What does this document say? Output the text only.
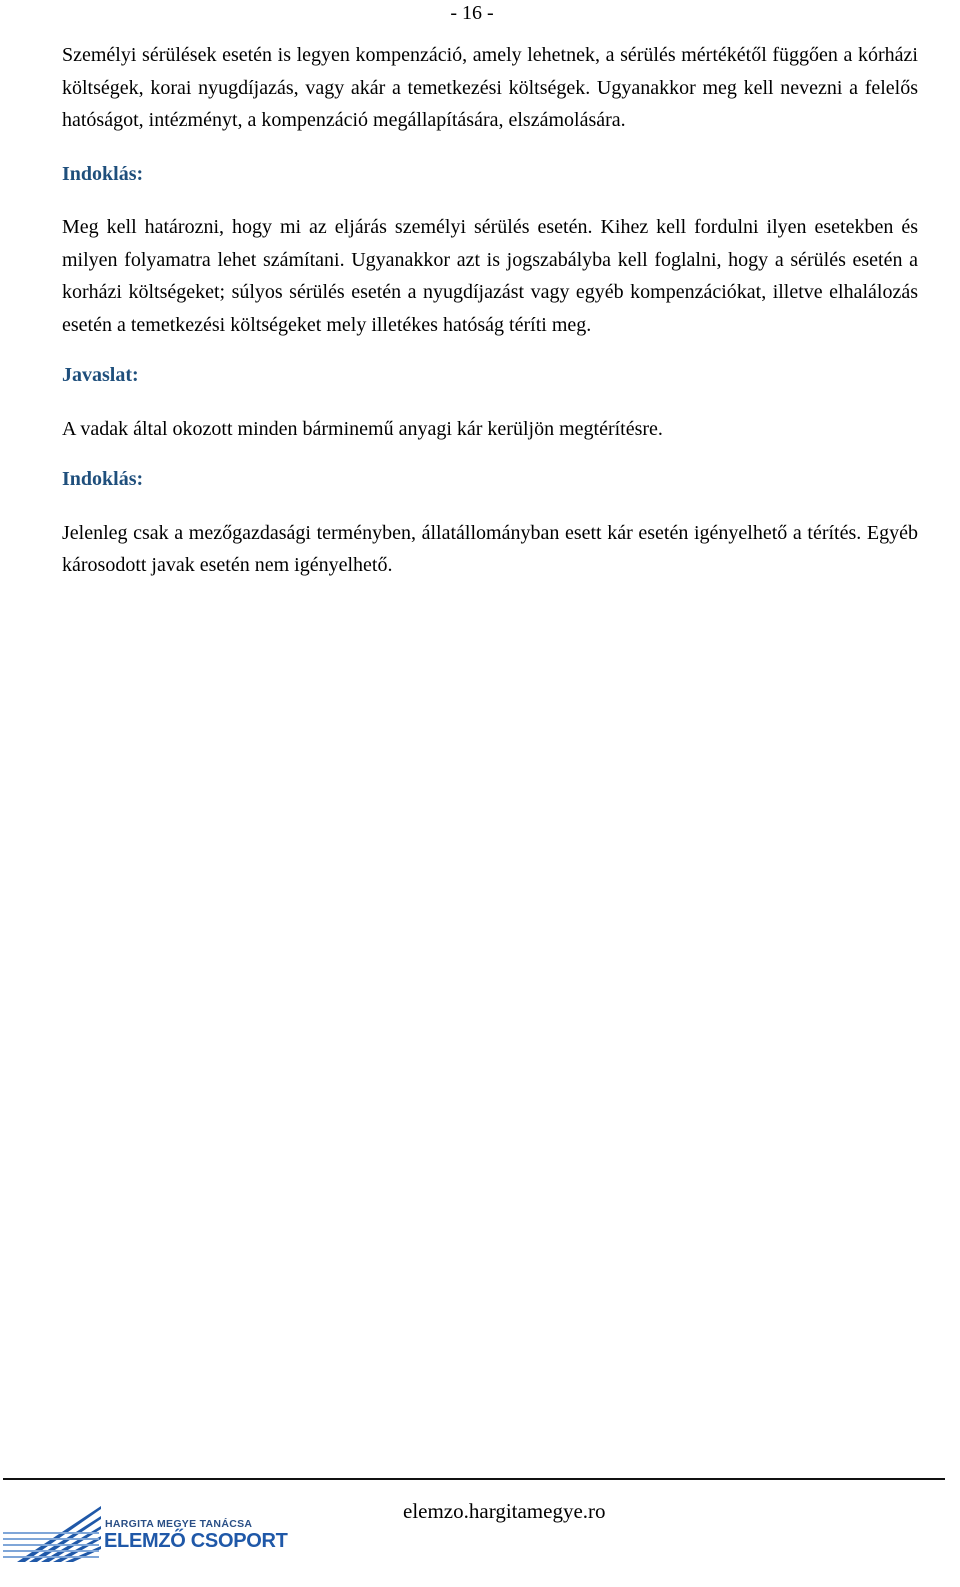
- 16 -

Személyi sérülések esetén is legyen kompenzáció, amely lehetnek, a sérülés mértékétől függően a kórházi költségek, korai nyugdíjazás, vagy akár a temetkezési költségek. Ugyanakkor meg kell nevezni a felelős hatóságot, intézményt, a kompenzáció megállapítására, elszámolására.

Indoklás:

Meg kell határozni, hogy mi az eljárás személyi sérülés esetén. Kihez kell fordulni ilyen esetekben és milyen folyamatra lehet számítani. Ugyanakkor azt is jogszabályba kell foglalni, hogy a sérülés esetén a korházi költségeket; súlyos sérülés esetén a nyugdíjazást vagy egyéb kompenzációkat, illetve elhalálozás esetén a temetkezési költségeket mely illetékes hatóság téríti meg.

Javaslat:

A vadak által okozott minden bárminemű anyagi kár kerüljön megtérítésre.

Indoklás:

Jelenleg csak a mezőgazdasági terményben, állatállományban esett kár esetén igényelhető a térítés. Egyéb károsodott javak esetén nem igényelhető.

HARGITA MEGYE TANÁCSA
ELEMZŐ CSOPORT
elemzo.hargitamegye.ro
